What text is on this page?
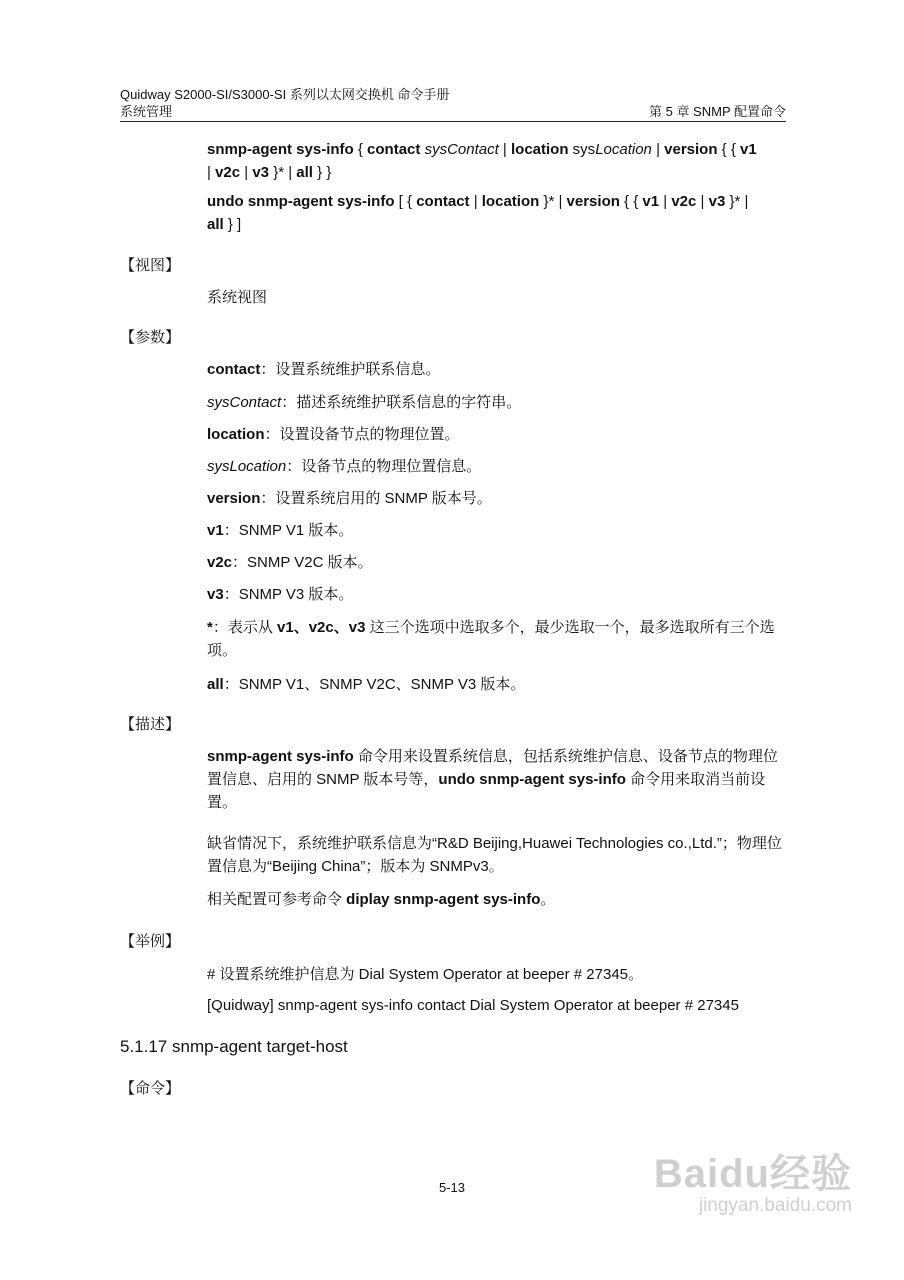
Quidway S2000-SI/S3000-SI 系列以太网交换机 命令手册
系统管理	第 5 章 SNMP 配置命令
snmp-agent sys-info { contact sysContact | location sysLocation | version { { v1
| v2c | v3 }* | all } }
undo snmp-agent sys-info [ { contact | location }* | version { { v1 | v2c | v3 }* |
all } ]
【视图】
系统视图
【参数】
contact：设置系统维护联系信息。
sysContact：描述系统维护联系信息的字符串。
location：设置设备节点的物理位置。
sysLocation：设备节点的物理位置信息。
version：设置系统启用的 SNMP 版本号。
v1：SNMP V1 版本。
v2c：SNMP V2C 版本。
v3：SNMP V3 版本。
*：表示从 v1、v2c、v3 这三个选项中选取多个，最少选取一个，最多选取所有三个选项。
all：SNMP V1、SNMP V2C、SNMP V3 版本。
【描述】
snmp-agent sys-info 命令用来设置系统信息，包括系统维护信息、设备节点的物理位置信息、启用的 SNMP 版本号等，undo snmp-agent sys-info 命令用来取消当前设置。
缺省情况下，系统维护联系信息为“R&D Beijing,Huawei Technologies co.,Ltd.”；物理位置信息为“Beijing China”；版本为 SNMPv3。
相关配置可参考命令 diplay snmp-agent sys-info。
【举例】
# 设置系统维护信息为 Dial System Operator at beeper # 27345。
[Quidway] snmp-agent sys-info contact Dial System Operator at beeper # 27345
5.1.17 snmp-agent target-host
【命令】
5-13	Baidu经验
jingyan.baidu.com
